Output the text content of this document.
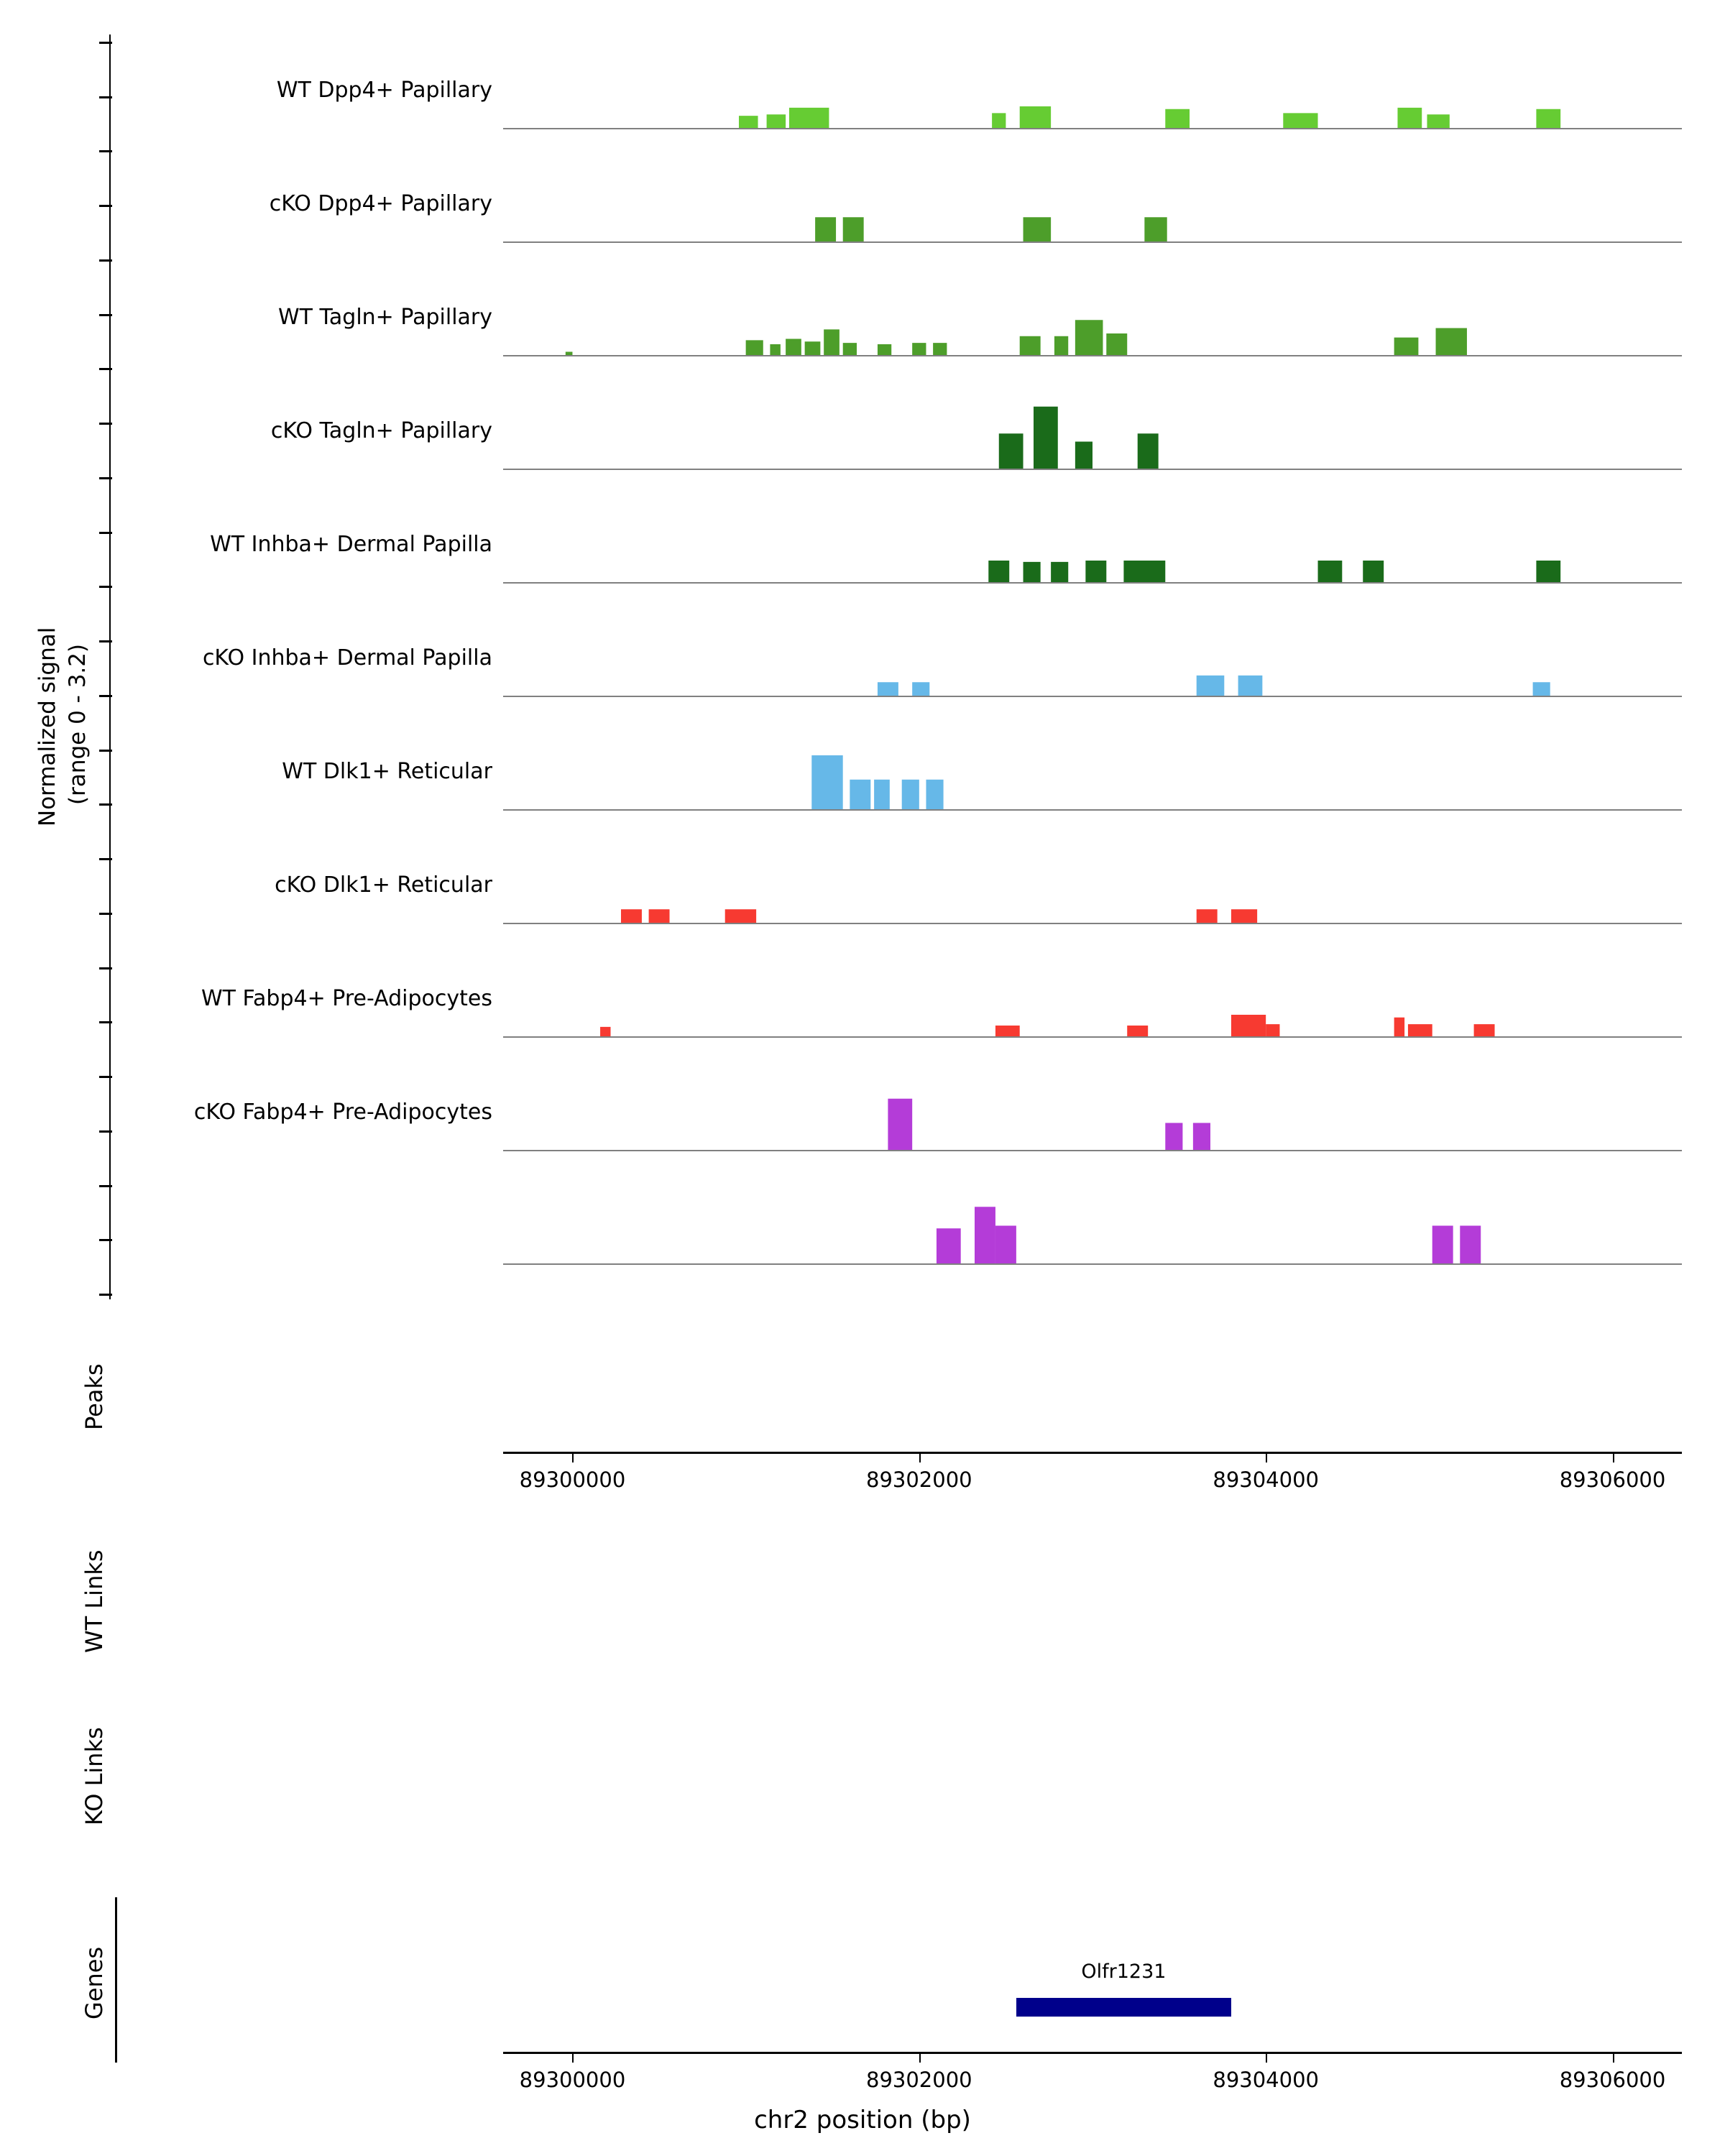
Normalized signal (range 0 - 3.2)
WT Dpp4+ Papillary
cKO Dpp4+ Papillary
WT Tagln+ Papillary
cKO Tagln+ Papillary
WT Inhba+ Dermal Papilla
cKO Inhba+ Dermal Papilla
WT Dlk1+ Reticular
cKO Dlk1+ Reticular
WT Fabp4+ Pre-Adipocytes
cKO Fabp4+ Pre-Adipocytes
Peaks
WT Links
KO Links
Genes
89300000	89302000	89304000	89306000
Olfr1231
89300000	89302000	89304000	89306000
chr2 position (bp)
